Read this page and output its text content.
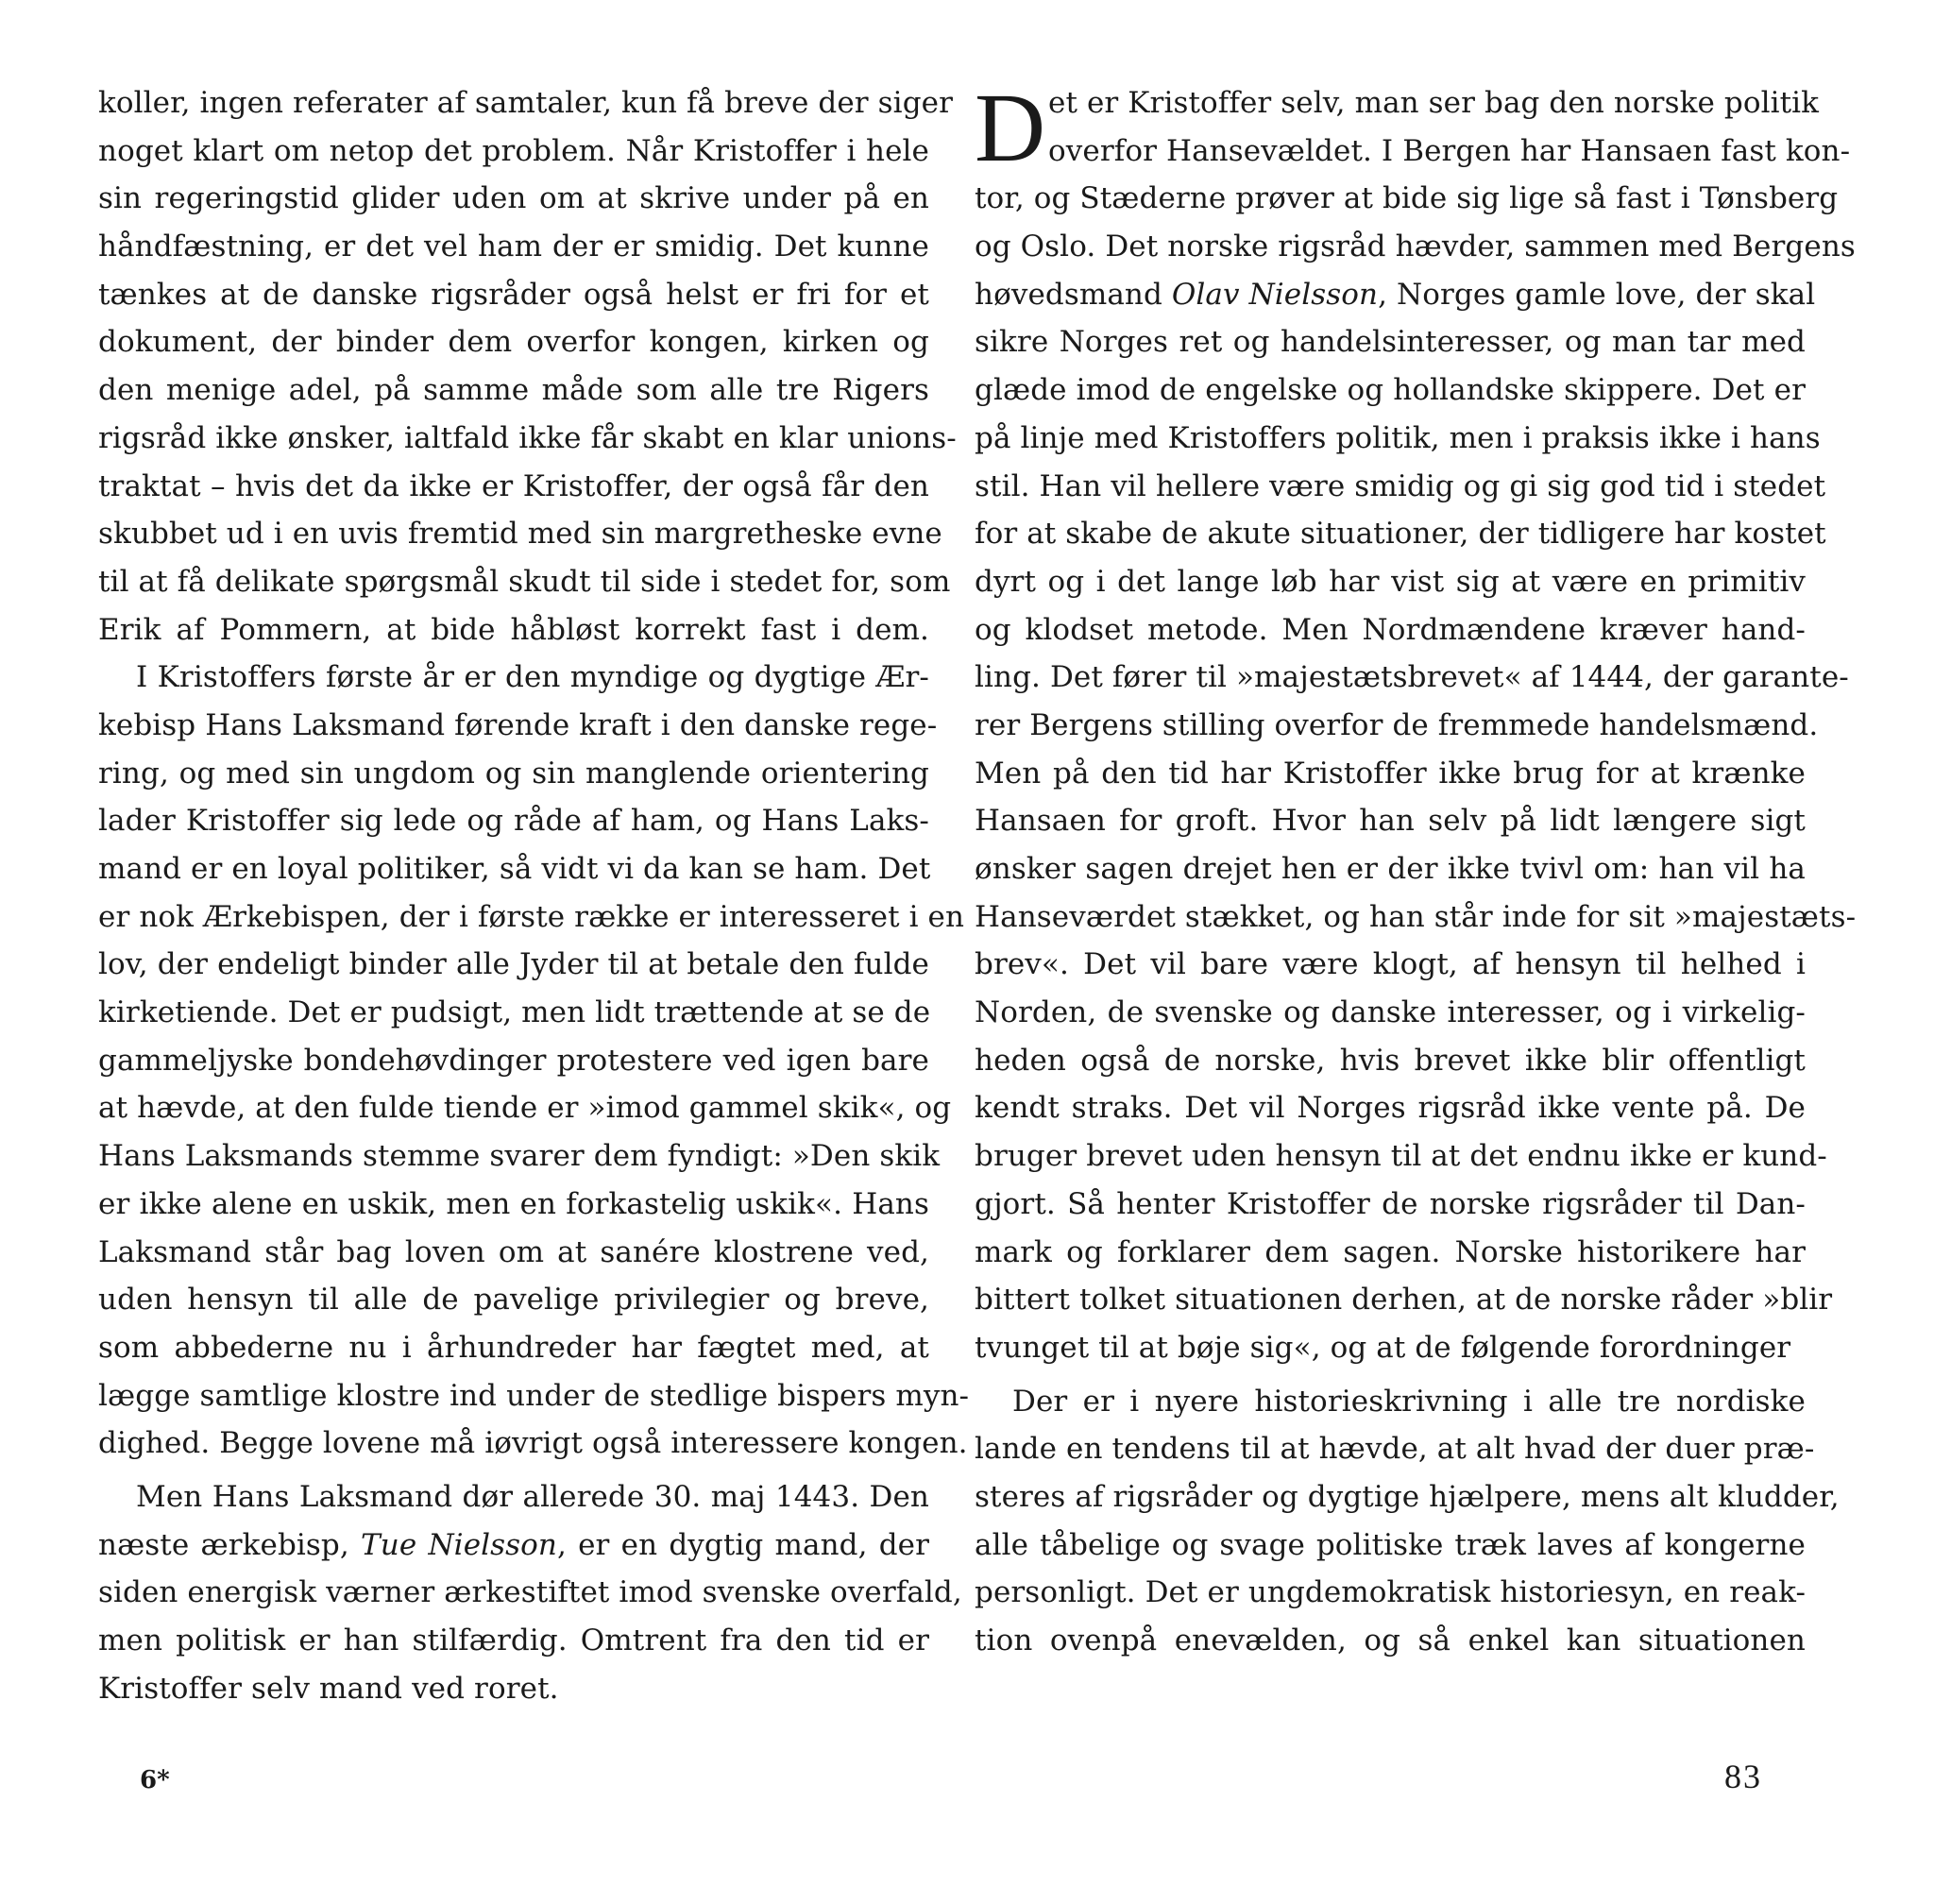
koller, ingen referater af samtaler, kun få breve der siger
noget klart om netop det problem. Når Kristoffer i hele
sin regeringstid glider uden om at skrive under på en
håndfæstning, er det vel ham der er smidig. Det kunne
tænkes at de danske rigsråder også helst er fri for et
dokument, der binder dem overfor kongen, kirken og
den menige adel, på samme måde som alle tre Rigers
rigsråd ikke ønsker, ialtfald ikke får skabt en klar unions-
traktat – hvis det da ikke er Kristoffer, der også får den
skubbet ud i en uvis fremtid med sin margretheske evne
til at få delikate spørgsmål skudt til side i stedet for, som
Erik af Pommern, at bide håbløst korrekt fast i dem.
I Kristoffers første år er den myndige og dygtige Ær-
kebisp Hans Laksmand førende kraft i den danske rege-
ring, og med sin ungdom og sin manglende orientering
lader Kristoffer sig lede og råde af ham, og Hans Laks-
mand er en loyal politiker, så vidt vi da kan se ham. Det
er nok Ærkebispen, der i første række er interesseret i en
lov, der endeligt binder alle Jyder til at betale den fulde
kirketiende. Det er pudsigt, men lidt trættende at se de
gammeljyske bondehøvdinger protestere ved igen bare
at hævde, at den fulde tiende er »imod gammel skik«, og
Hans Laksmands stemme svarer dem fyndigt: »Den skik
er ikke alene en uskik, men en forkastelig uskik«. Hans
Laksmand står bag loven om at sanére klostrene ved,
uden hensyn til alle de pavelige privilegier og breve,
som abbederne nu i århundreder har fægtet med, at
lægge samtlige klostre ind under de stedlige bispers myn-
dighed. Begge lovene må iøvrigt også interessere kongen.
Men Hans Laksmand dør allerede 30. maj 1443. Den
næste ærkebisp, Tue Nielsson, er en dygtig mand, der
siden energisk værner ærkestiftet imod svenske overfald,
men politisk er han stilfærdig. Omtrent fra den tid er
Kristoffer selv mand ved roret.
D et er Kristoffer selv, man ser bag den norske politik
overfor Hansevældet. I Bergen har Hansaen fast kon-
tor, og Stæderne prøver at bide sig lige så fast i Tønsberg
og Oslo. Det norske rigsråd hævder, sammen med Bergens
høvedsmand Olav Nielsson, Norges gamle love, der skal
sikre Norges ret og handelsinteresser, og man tar med
glæde imod de engelske og hollandske skippere. Det er
på linje med Kristoffers politik, men i praksis ikke i hans
stil. Han vil hellere være smidig og gi sig god tid i stedet
for at skabe de akute situationer, der tidligere har kostet
dyrt og i det lange løb har vist sig at være en primitiv
og klodset metode. Men Nordmændene kræver hand-
ling. Det fører til »majestætsbrevet« af 1444, der garante-
rer Bergens stilling overfor de fremmede handelsmænd.
Men på den tid har Kristoffer ikke brug for at krænke
Hansaen for groft. Hvor han selv på lidt længere sigt
ønsker sagen drejet hen er der ikke tvivl om: han vil ha
Hanseværdet stækket, og han står inde for sit »majestæts-
brev«. Det vil bare være klogt, af hensyn til helhed i
Norden, de svenske og danske interesser, og i virkelig-
heden også de norske, hvis brevet ikke blir offentligt
kendt straks. Det vil Norges rigsråd ikke vente på. De
bruger brevet uden hensyn til at det endnu ikke er kund-
gjort. Så henter Kristoffer de norske rigsråder til Dan-
mark og forklarer dem sagen. Norske historikere har
bittert tolket situationen derhen, at de norske råder »blir
tvunget til at bøje sig«, og at de følgende forordninger
Der er i nyere historieskrivning i alle tre nordiske
lande en tendens til at hævde, at alt hvad der duer præ-
steres af rigsråder og dygtige hjælpere, mens alt kludder,
alle tåbelige og svage politiske træk laves af kongerne
personligt. Det er ungdemokratisk historiesyn, en reak-
tion ovenpå enevælden, og så enkel kan situationen
6*	83
